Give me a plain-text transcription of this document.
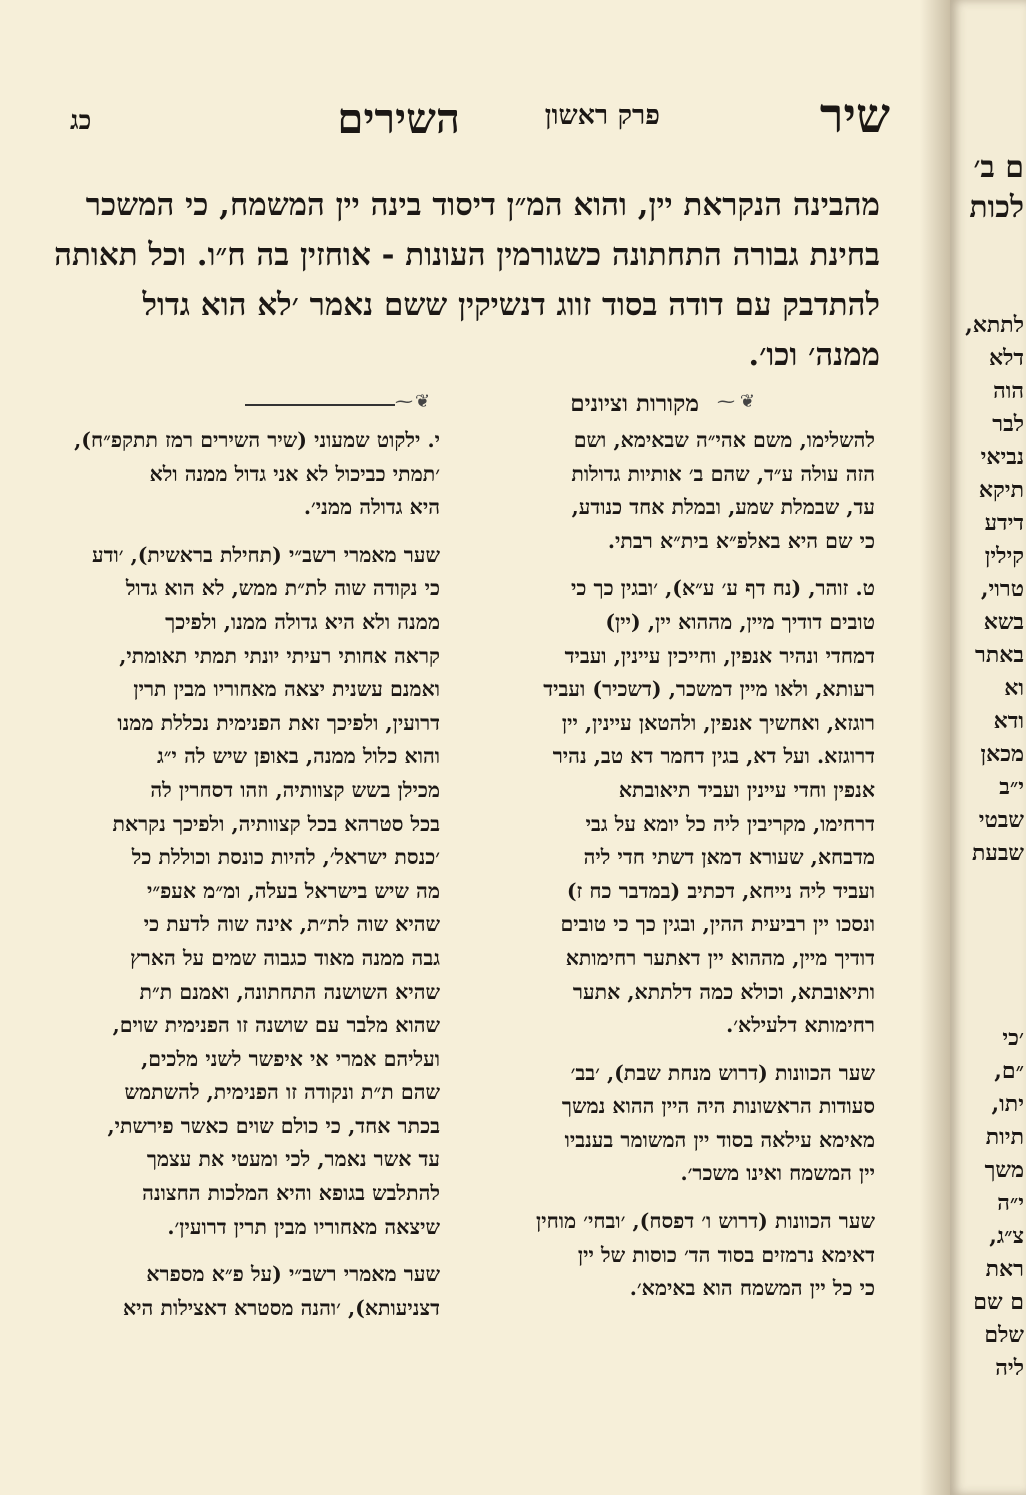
שיר
פרק ראשון
השירים
כג

מהבינה הנקראת יין, והוא המ״ן דיסוד בינה יין המשמח, כי המשכר

בחינת גבורה התחתונה כשגורמין העונות - אוחזין בה ח״ו. וכל תאותה

להתדבק עם דודה בסוד זווג דנשיקין ששם נאמר ׳לא הוא גדול

ממנה׳ וכו׳.

מקורות וציונים ❦
⁓
⁓ ❦

להשלימו, משם אהי״ה שבאימא, ושם

הזה עולה ע״ד, שהם ב׳ אותיות גדולות

עד, שבמלת שמע, ובמלת אחד כנודע,

כי שם היא באלפ״א בית״א רבתי.

ט. זוהר, (נח דף ע׳ ע״א), ׳ובגין כך כי

טובים דודיך מיין, מההוא יין, (יין)

דמחדי ונהיר אנפין, וחייכין עיינין, ועביד

רעותא, ולאו מיין דמשכר, (דשכיר) ועביד

רוגזא, ואחשיך אנפין, ולהטאן עיינין, יין

דרוגזא. ועל דא, בגין דחמר דא טב, נהיר

אנפין וחדי עיינין ועביד תיאובתא

דרחימו, מקריבין ליה כל יומא על גבי

מדבחא, שעורא דמאן דשתי חדי ליה

ועביד ליה נייחא, דכתיב (במדבר כח ז)

ונסכו יין רביעית ההין, ובגין כך כי טובים

דודיך מיין, מההוא יין דאתער רחימותא

ותיאובתא, וכולא כמה דלתתא, אתער

רחימותא דלעילא׳.

שער הכוונות (דרוש מנחת שבת), ׳בב׳

סעודות הראשונות היה היין ההוא נמשך

מאימא עילאה בסוד יין המשומר בענביו

יין המשמח ואינו משכר׳.

שער הכוונות (דרוש ו׳ דפסח), ׳ובחי׳ מוחין

דאימא נרמזים בסוד הד׳ כוסות של יין

כי כל יין המשמח הוא באימא׳.

י. ילקוט שמעוני (שיר השירים רמז תתקפ״ח),

׳תמתי כביכול לא אני גדול ממנה ולא

היא גדולה ממני׳.

שער מאמרי רשב״י (תחילת בראשית), ׳ודע

כי נקודה שוה לת״ת ממש, לא הוא גדול

ממנה ולא היא גדולה ממנו, ולפיכך

קראה אחותי רעיתי יונתי תמתי תאומתי,

ואמנם עשנית יצאה מאחוריו מבין תרין

דרועין, ולפיכך זאת הפנימית נכללת ממנו

והוא כלול ממנה, באופן שיש לה י״ג

מכילן בשש קצוותיה, וזהו דסחרין לה

בכל סטרהא בכל קצוותיה, ולפיכך נקראת

׳כנסת ישראל׳, להיות כונסת וכוללת כל

מה שיש בישראל בעלה, ומ״מ אעפ״י

שהיא שוה לת״ת, אינה שוה לדעת כי

גבה ממנה מאוד כגבוה שמים על הארץ

שהיא השושנה התחתונה, ואמנם ת״ת

שהוא מלבר עם שושנה זו הפנימית שוים,

ועליהם אמרי אי איפשר לשני מלכים,

שהם ת״ת ונקודה זו הפנימית, להשתמש

בכתר אחד, כי כולם שוים כאשר פירשתי,

עד אשר נאמר, לכי ומעטי את עצמך

להתלבש בגופא והיא המלכות החצונה

שיצאה מאחוריו מבין תרין דרועין׳.

שער מאמרי רשב״י (על פ״א מספרא

דצניעותא), ׳והנה מסטרא דאצילות היא

ם ב׳
לכות
לתתא,
דלא
הוה
לבר
נביאי
תיקא
דידע
קילין
טרוי,
בשא
באתר
וא
ודא
מכאן
י״ב
שבטי
שבעת
׳כי
״ם,
יתו,
תיות
משך
י״ה
צ״ג,
ראת
ם שם
שלם
ליה
